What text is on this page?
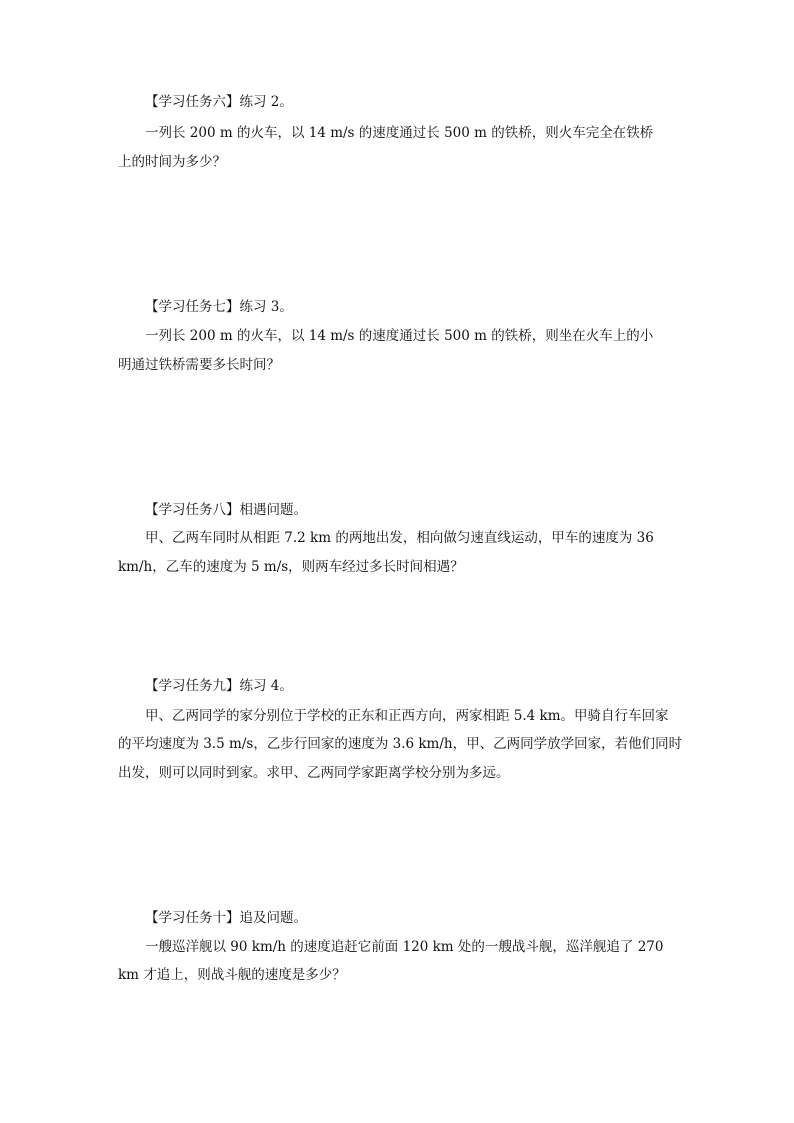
【学习任务六】练习 2。
一列长 200 m 的火车，以 14 m/s 的速度通过长 500 m 的铁桥，则火车完全在铁桥
上的时间为多少？
【学习任务七】练习 3。
一列长 200 m 的火车，以 14 m/s 的速度通过长 500 m 的铁桥，则坐在火车上的小
明通过铁桥需要多长时间？
【学习任务八】相遇问题。
甲、乙两车同时从相距 7.2 km 的两地出发，相向做匀速直线运动，甲车的速度为 36
km/h，乙车的速度为 5 m/s，则两车经过多长时间相遇？
【学习任务九】练习 4。
甲、乙两同学的家分别位于学校的正东和正西方向，两家相距 5.4 km。甲骑自行车回家
的平均速度为 3.5 m/s，乙步行回家的速度为 3.6 km/h，甲、乙两同学放学回家，若他们同时
出发，则可以同时到家。求甲、乙两同学家距离学校分别为多远。
【学习任务十】追及问题。
一艘巡洋舰以 90 km/h 的速度追赶它前面 120 km 处的一艘战斗舰，巡洋舰追了 270
km 才追上，则战斗舰的速度是多少？
